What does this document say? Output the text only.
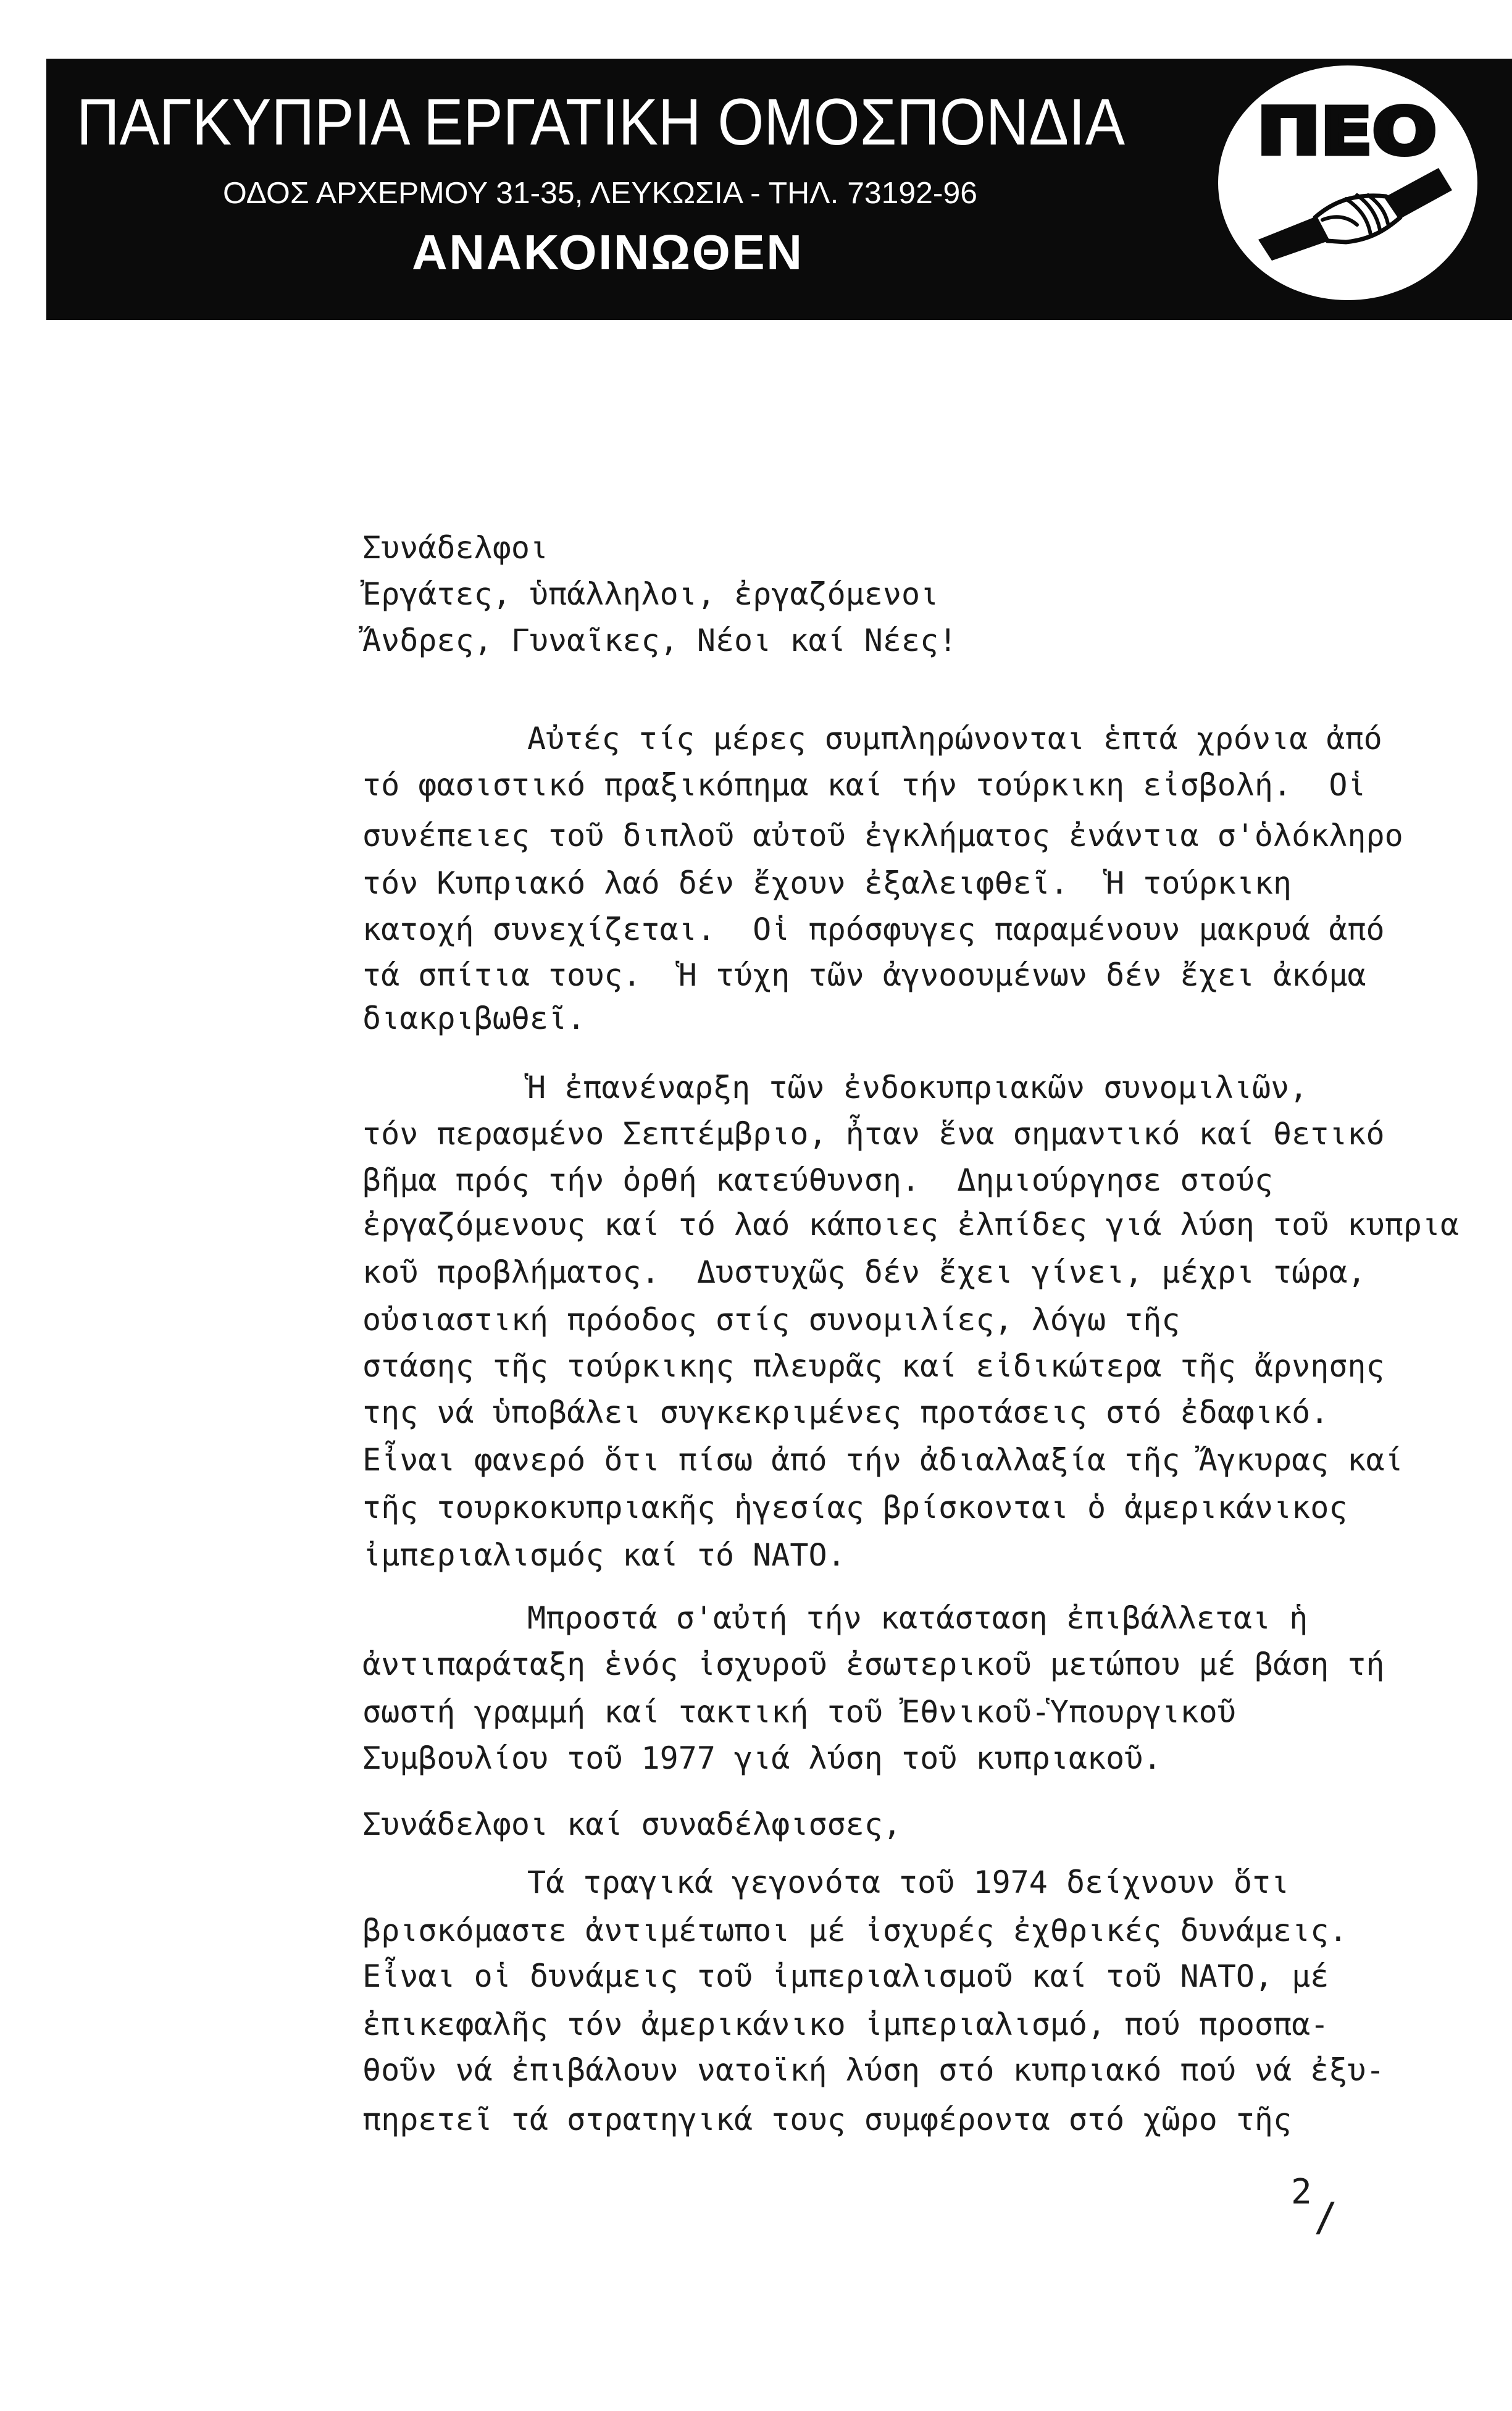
ΠΑΓΚΥΠΡΙΑ ΕΡΓΑΤΙΚΗ ΟΜΟΣΠΟΝΔΙΑ
ΟΔΟΣ ΑΡΧΕΡΜΟΥ 31-35, ΛΕΥΚΩΣΙΑ - ΤΗΛ. 73192-96
ΑΝΑΚΟΙΝΩΘΕΝ
ΠΕΟ
Συνάδελφοι
Ἐργάτες, ὑπάλληλοι, ἐργαζόμενοι
Ἄνδρες, Γυναῖκες, Νέοι καί Νέες!
Αὐτές τίς μέρες συμπληρώνονται ἑπτά χρόνια ἀπό
τό φασιστικό πραξικόπημα καί τήν τούρκικη εἰσβολή.  Οἱ
συνέπειες τοῦ διπλοῦ αὐτοῦ ἐγκλήματος ἐνάντια σ'ὁλόκληρο
τόν Κυπριακό λαό δέν ἔχουν ἐξαλειφθεῖ.  Ἡ τούρκικη
κατοχή συνεχίζεται.  Οἱ πρόσφυγες παραμένουν μακρυά ἀπό
τά σπίτια τους.  Ἡ τύχη τῶν ἀγνοουμένων δέν ἔχει ἀκόμα
διακριβωθεῖ.
Ἡ ἐπανέναρξη τῶν ἐνδοκυπριακῶν συνομιλιῶν,
τόν περασμένο Σεπτέμβριο, ἦταν ἕνα σημαντικό καί θετικό
βῆμα πρός τήν ὀρθή κατεύθυνση.  Δημιούργησε στούς
ἐργαζόμενους καί τό λαό κάποιες ἐλπίδες γιά λύση τοῦ κυπρια
κοῦ προβλήματος.  Δυστυχῶς δέν ἔχει γίνει, μέχρι τώρα,
οὐσιαστική πρόοδος στίς συνομιλίες, λόγω τῆς
στάσης τῆς τούρκικης πλευρᾶς καί εἰδικώτερα τῆς ἄρνησης
της νά ὑποβάλει συγκεκριμένες προτάσεις στό ἐδαφικό.
Εἶναι φανερό ὅτι πίσω ἀπό τήν ἀδιαλλαξία τῆς Ἄγκυρας καί
τῆς τουρκοκυπριακῆς ἡγεσίας βρίσκονται ὁ ἀμερικάνικος
ἰμπεριαλισμός καί τό ΝΑΤΟ.
Μπροστά σ'αὐτή τήν κατάσταση ἐπιβάλλεται ἡ
ἀντιπαράταξη ἑνός ἰσχυροῦ ἐσωτερικοῦ μετώπου μέ βάση τή
σωστή γραμμή καί τακτική τοῦ Ἐθνικοῦ-Ὑπουργικοῦ
Συμβουλίου τοῦ 1977 γιά λύση τοῦ κυπριακοῦ.
Συνάδελφοι καί συναδέλφισσες,
Τά τραγικά γεγονότα τοῦ 1974 δείχνουν ὅτι
βρισκόμαστε ἀντιμέτωποι μέ ἰσχυρές ἐχθρικές δυνάμεις.
Εἶναι οἱ δυνάμεις τοῦ ἰμπεριαλισμοῦ καί τοῦ ΝΑΤΟ, μέ
ἐπικεφαλῆς τόν ἀμερικάνικο ἰμπεριαλισμό, πού προσπα-
θοῦν νά ἐπιβάλουν νατοϊκή λύση στό κυπριακό πού νά ἐξυ-
πηρετεῖ τά στρατηγικά τους συμφέροντα στό χῶρο τῆς
2
/
